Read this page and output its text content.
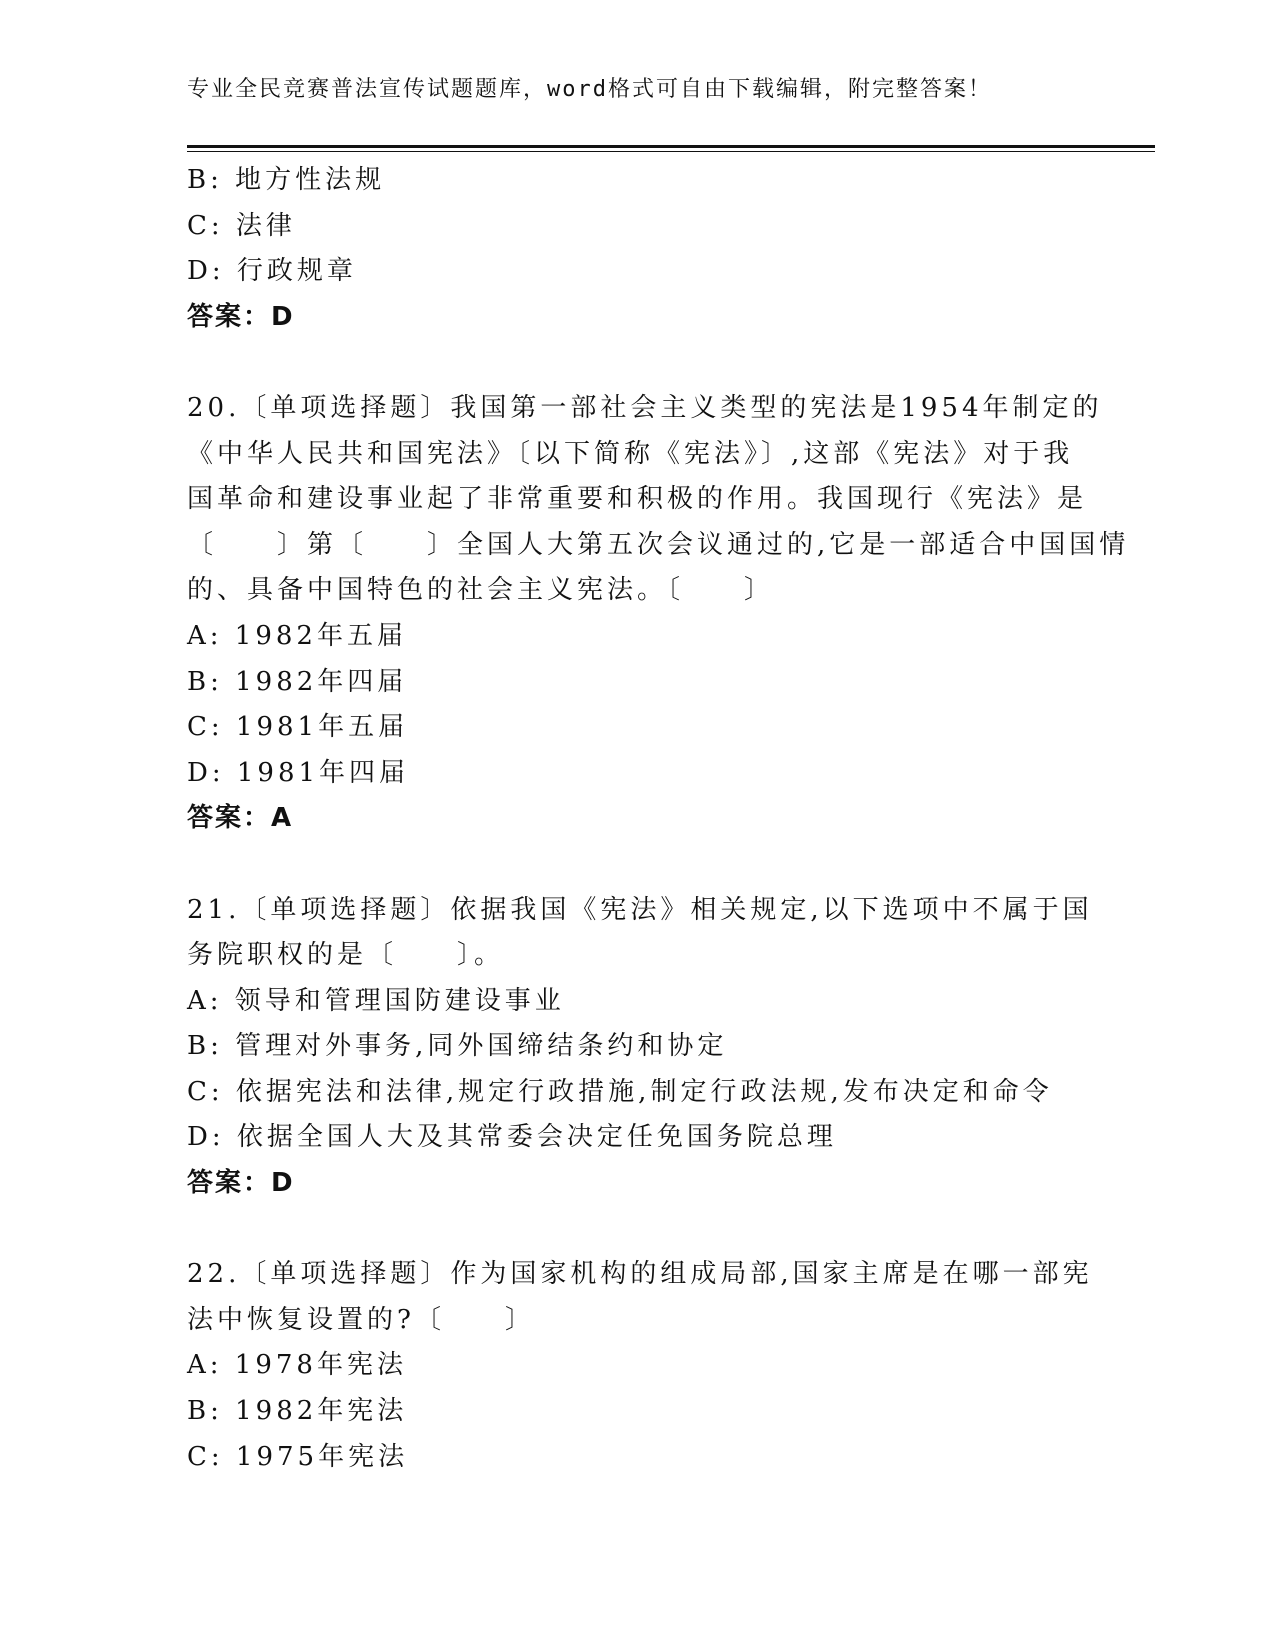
专业全民竞赛普法宣传试题题库，word格式可自由下载编辑，附完整答案！
B: 地方性法规
C: 法律
D: 行政规章
答案：D
20.〔单项选择题〕我国第一部社会主义类型的宪法是1954年制定的
《中华人民共和国宪法》〔以下简称《宪法》〕,这部《宪法》对于我
国革命和建设事业起了非常重要和积极的作用。我国现行《宪法》是
〔　　〕第〔　　〕全国人大第五次会议通过的,它是一部适合中国国情
的、具备中国特色的社会主义宪法。〔　　〕
A: 1982年五届
B: 1982年四届
C: 1981年五届
D: 1981年四届
答案：A
21.〔单项选择题〕依据我国《宪法》相关规定,以下选项中不属于国
务院职权的是〔　　〕。
A: 领导和管理国防建设事业
B: 管理对外事务,同外国缔结条约和协定
C: 依据宪法和法律,规定行政措施,制定行政法规,发布决定和命令
D: 依据全国人大及其常委会决定任免国务院总理
答案：D
22.〔单项选择题〕作为国家机构的组成局部,国家主席是在哪一部宪
法中恢复设置的?〔　　〕
A: 1978年宪法
B: 1982年宪法
C: 1975年宪法
